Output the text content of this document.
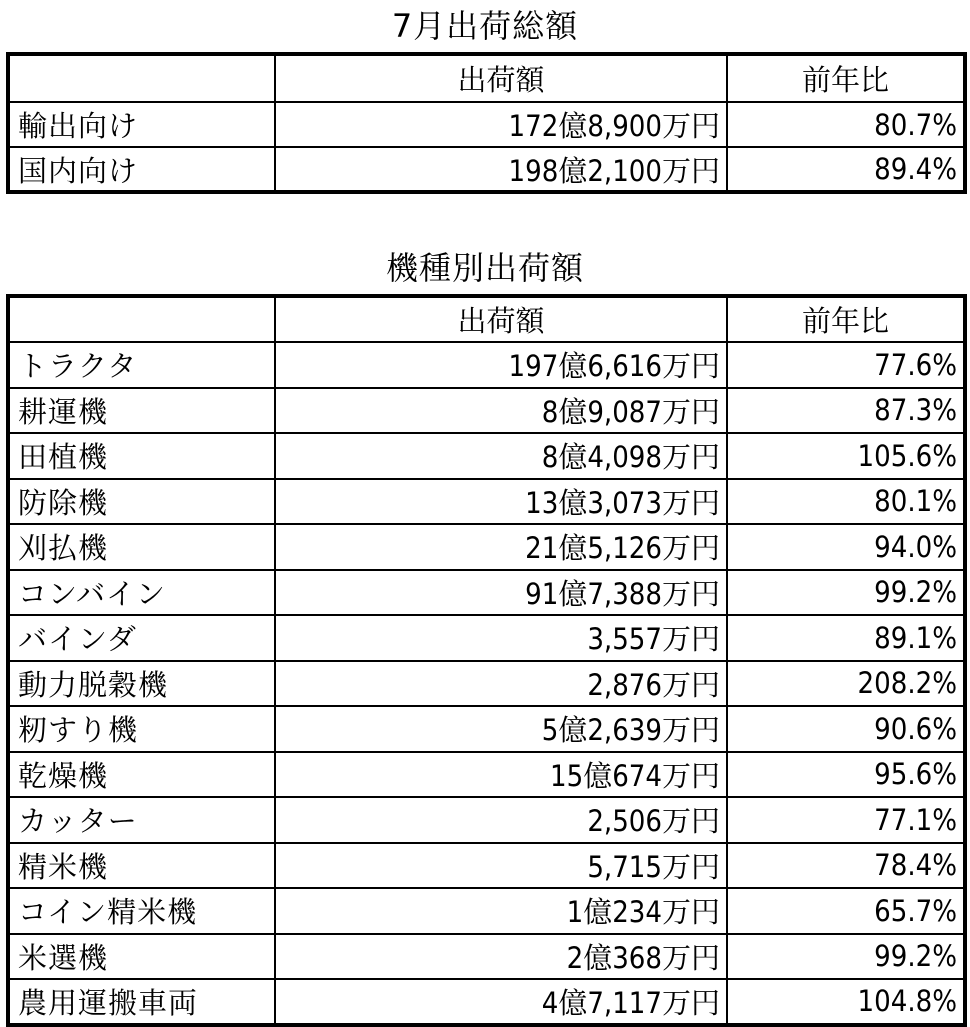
7月出荷総額
	出荷額	前年比
輸出向け	172億8,900万円	80.7%
国内向け	198億2,100万円	89.4%
機種別出荷額
	出荷額	前年比
トラクタ	197億6,616万円	77.6%
耕運機	8億9,087万円	87.3%
田植機	8億4,098万円	105.6%
防除機	13億3,073万円	80.1%
刈払機	21億5,126万円	94.0%
コンバイン	91億7,388万円	99.2%
バインダ	3,557万円	89.1%
動力脱穀機	2,876万円	208.2%
籾すり機	5億2,639万円	90.6%
乾燥機	15億674万円	95.6%
カッター	2,506万円	77.1%
精米機	5,715万円	78.4%
コイン精米機	1億234万円	65.7%
米選機	2億368万円	99.2%
農用運搬車両	4億7,117万円	104.8%
